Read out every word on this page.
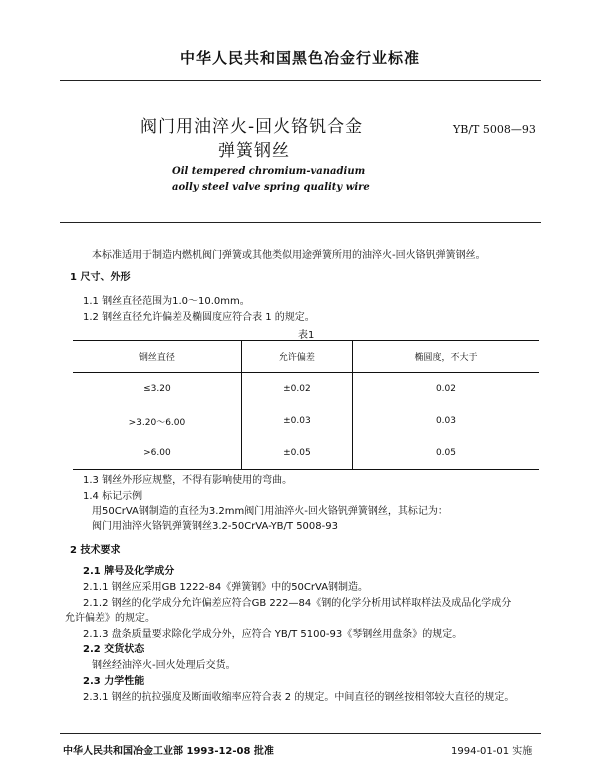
中华人民共和国黑色冶金行业标准
阀门用油淬火-回火铬钒合金
弹簧钢丝
YB/T 5008—93
Oil tempered chromium-vanadium
aolly steel valve spring quality wire
本标准适用于制造内燃机阀门弹簧或其他类似用途弹簧所用的油淬火-回火铬钒弹簧钢丝。
1 尺寸、外形
1.1 钢丝直径范围为1.0～10.0mm。
1.2 钢丝直径允许偏差及椭圆度应符合表 1 的规定。
表1
钢丝直径	允许偏差	椭圆度，不大于
≤3.20	±0.02	0.02
>3.20～6.00	±0.03	0.03
>6.00	±0.05	0.05
1.3 钢丝外形应规整，不得有影响使用的弯曲。
1.4 标记示例
用50CrVA钢制造的直径为3.2mm阀门用油淬火-回火铬钒弹簧钢丝，其标记为：
阀门用油淬火铬钒弹簧钢丝3.2-50CrVA-YB/T 5008-93
2 技术要求
2.1 牌号及化学成分
2.1.1 钢丝应采用GB 1222-84《弹簧钢》中的50CrVA钢制造。
2.1.2 钢丝的化学成分允许偏差应符合GB 222—84《钢的化学分析用试样取样法及成品化学成分
允许偏差》的规定。
2.1.3 盘条质量要求除化学成分外，应符合 YB/T 5100-93《琴钢丝用盘条》的规定。
2.2 交货状态
钢丝经油淬火-回火处理后交货。
2.3 力学性能
2.3.1 钢丝的抗拉强度及断面收缩率应符合表 2 的规定。中间直径的钢丝按相邻较大直径的规定。
中华人民共和国冶金工业部 1993-12-08 批准	1994-01-01 实施
